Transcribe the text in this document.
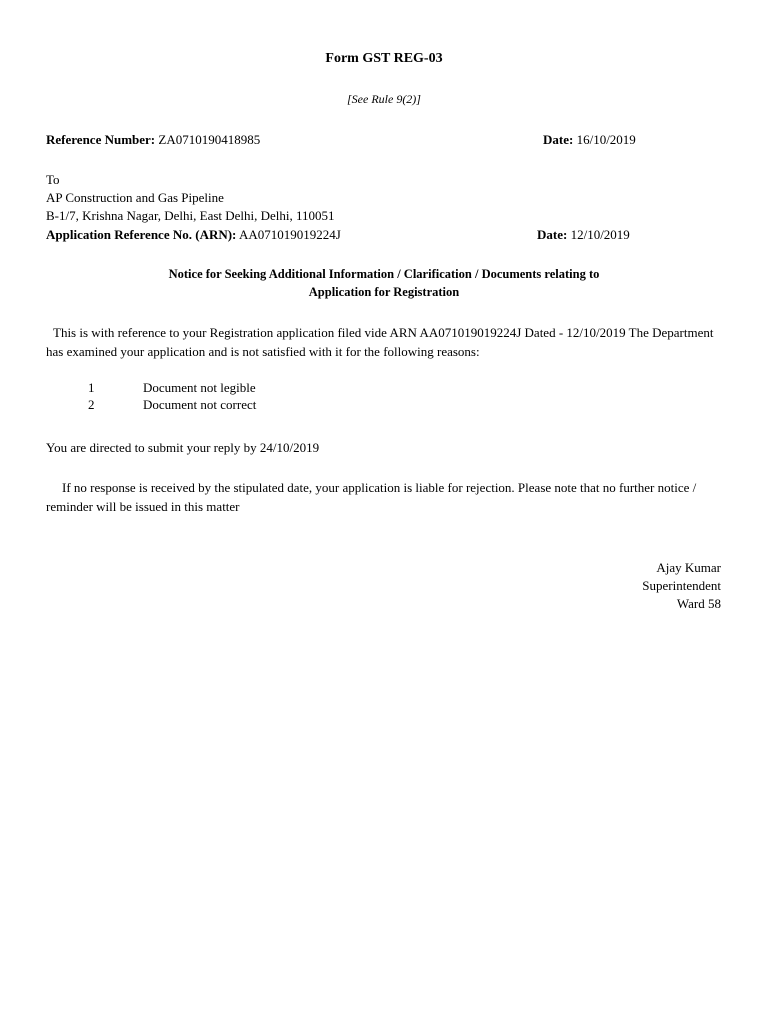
Form GST REG-03
[See Rule 9(2)]
Reference Number: ZA0710190418985	Date: 16/10/2019
To
AP Construction and Gas Pipeline
B-1/7, Krishna Nagar, Delhi, East Delhi, Delhi, 110051
Application Reference No. (ARN): AA071019019224J	Date: 12/10/2019
Notice for Seeking Additional Information / Clarification / Documents relating to
Application for Registration
This is with reference to your Registration application filed vide ARN AA071019019224J Dated - 12/10/2019 The Department
has examined your application and is not satisfied with it for the following reasons:
1	Document not legible
2	Document not correct
You are directed to submit your reply by 24/10/2019
If no response is received by the stipulated date, your application is liable for rejection. Please note that no further notice /
reminder will be issued in this matter
Ajay Kumar
Superintendent
Ward 58
